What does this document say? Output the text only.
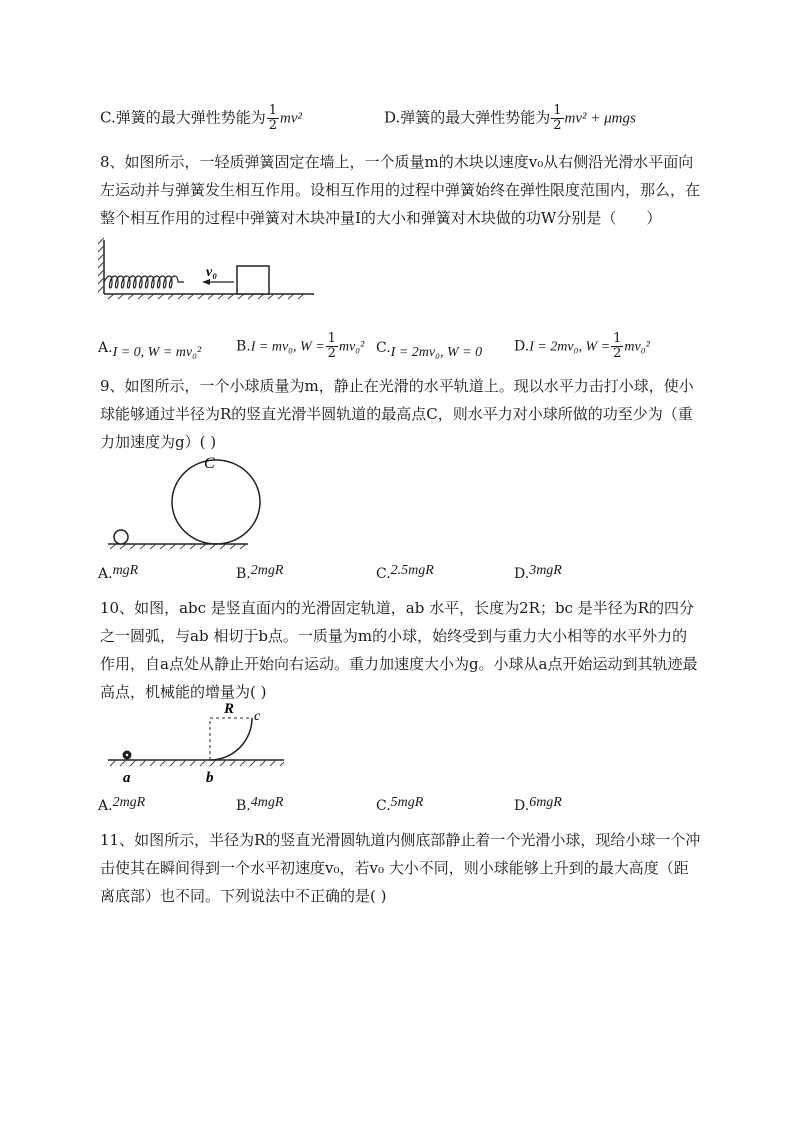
C.弹簧的最大弹性势能为 $\frac{1}{2} mv^2$	D.弹簧的最大弹性势能为 $\frac{1}{2} mv^2 + \mu mgs$
8、如图所示，一轻质弹簧固定在墙上，一个质量m的木块以速度v₀从右侧沿光滑水平面向左运动并与弹簧发生相互作用。设相互作用的过程中弹簧始终在弹性限度范围内，那么，在整个相互作用的过程中弹簧对木块冲量I的大小和弹簧对木块做的功W分别是（　　）
v₀
A.I = 0, W = mv₀² B.I = mv₀, $W = \frac{1}{2} mv_0^2$ C.I = 2mv₀, W = 0 D.I = 2mv₀, $W = \frac{1}{2} mv_0^2$
9、如图所示，一个小球质量为m，静止在光滑的水平轨道上。现以水平力击打小球，使小球能够通过半径为R的竖直光滑半圆轨道的最高点C，则水平力对小球所做的功至少为（重力加速度为g）( )
C
A.mgR	B.2mgR	C.2.5mgR	D.3mgR
10、如图，abc 是竖直面内的光滑固定轨道，ab 水平，长度为2R；bc 是半径为R的四分之一圆弧，与ab 相切于b点。一质量为m的小球，始终受到与重力大小相等的水平外力的作用，自a点处从静止开始向右运动。重力加速度大小为g。小球从a点开始运动到其轨迹最高点，机械能的增量为( )
R c
a	b
A.2mgR	B.4mgR	C.5mgR	D.6mgR
11、如图所示，半径为R的竖直光滑圆轨道内侧底部静止着一个光滑小球，现给小球一个冲击使其在瞬间得到一个水平初速度v₀，若v₀ 大小不同，则小球能够上升到的最大高度（距离底部）也不同。下列说法中不正确的是( )
